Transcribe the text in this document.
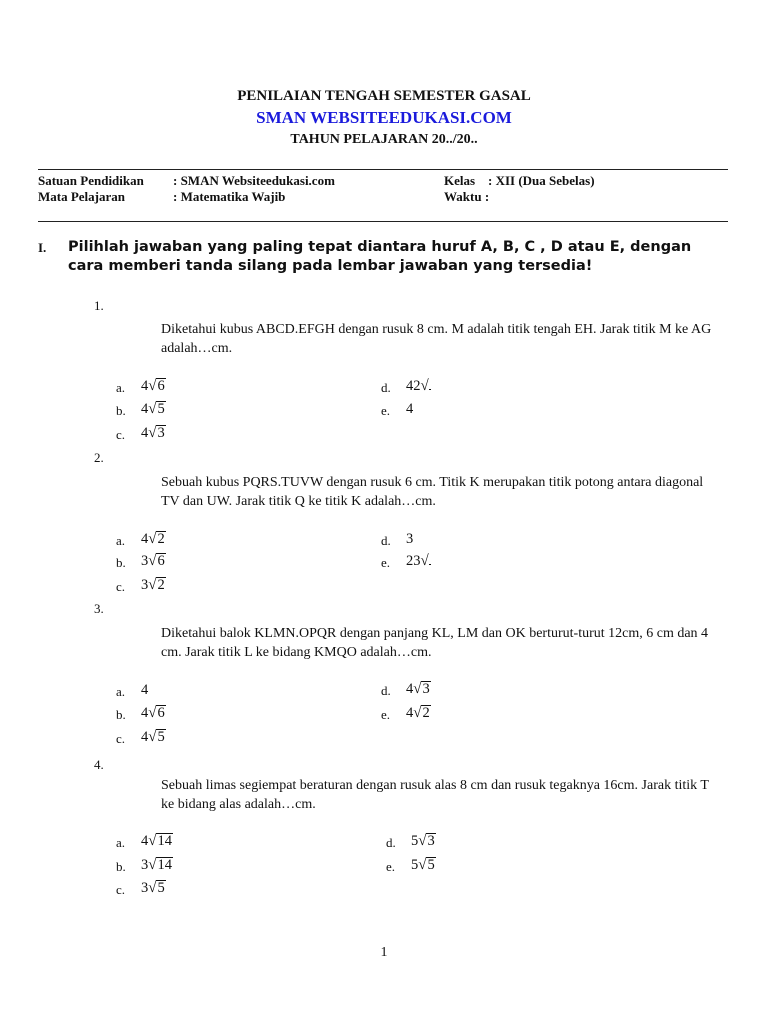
PENILAIAN TENGAH SEMESTER GASAL
SMAN WEBSITEEDUKASI.COM
TAHUN PELAJARAN 20../20..
Satuan Pendidikan : SMAN Websiteedukasi.com
Mata Pelajaran	: Matematika Wajib
Kelas : XII (Dua Sebelas)
Waktu :
I. Pilihlah jawaban yang paling tepat diantara huruf A, B, C , D atau E, dengan cara memberi tanda silang pada lembar jawaban yang tersedia!
1.
Diketahui kubus ABCD.EFGH dengan rusuk 8 cm. M adalah titik tengah EH. Jarak titik M ke AG adalah…cm.
a. 4√6
b. 4√5
c. 4√3
d. 42√
e. 4
2.
Sebuah kubus PQRS.TUVW dengan rusuk 6 cm. Titik K merupakan titik potong antara diagonal TV dan UW. Jarak titik Q ke titik K adalah…cm.
a. 4√2
b. 3√6
c. 3√2
d. 3
e. 23√
3.
Diketahui balok KLMN.OPQR dengan panjang KL, LM dan OK berturut-turut 12cm, 6 cm dan 4 cm. Jarak titik L ke bidang KMQO adalah…cm.
a. 4
b. 4√6
c. 4√5
d. 4√3
e. 4√2
4.
Sebuah limas segiempat beraturan dengan rusuk alas 8 cm dan rusuk tegaknya 16cm. Jarak titik T ke bidang alas adalah…cm.
a. 4√14
b. 3√14
c. 3√5
d. 5√3
e. 5√5
1
